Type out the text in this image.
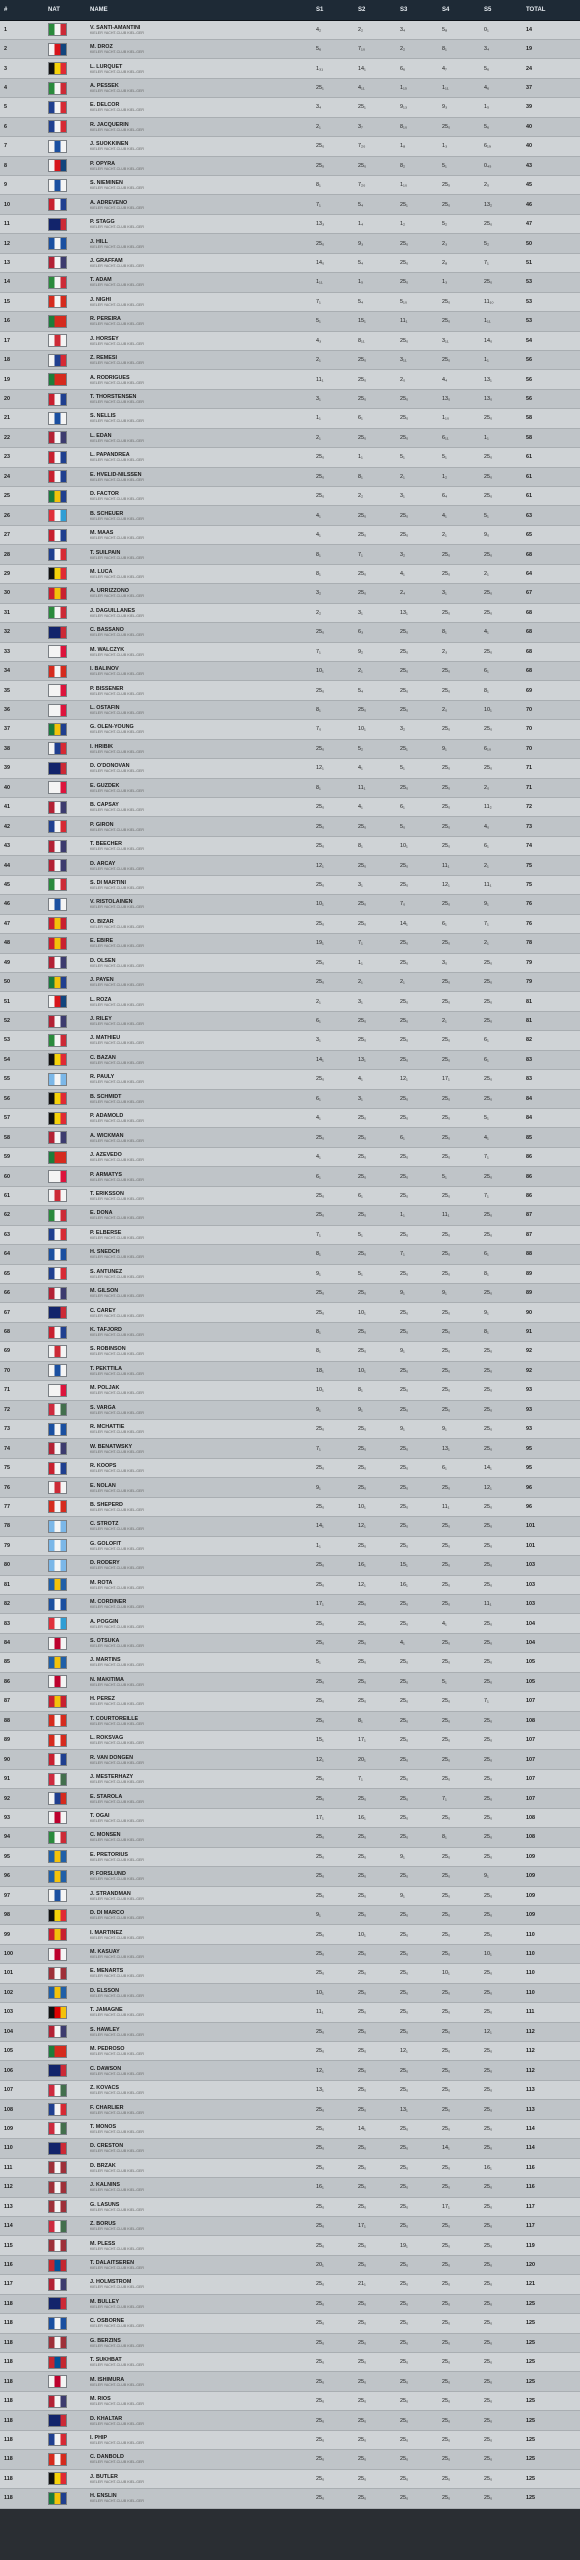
#	NAT	NAME	S1	S2	S3	S4	S5	TOTAL
1		V. SANTI-AMANTINI
KIELER YACHT-CLUB KIEL-GER	4₂	2₂	3₄	5₈	0₁	14
2		M. DROZ
KIELER YACHT-CLUB KIEL-GER	5₆	7₁₀	2₂	8₁	3₄	19
3		L. LURQUET
KIELER YACHT-CLUB KIEL-GER	1₃₁	14₁	6₆	4₇	5₆	24
4		A. PESSEK
KIELER YACHT-CLUB KIEL-GER	25₁	4₁₁	1₁₅	1₁₁	4₆	37
5		E. DELCOR
KIELER YACHT-CLUB KIEL-GER	3₄	25₁	9₁₃	9₃	1₅	39
6		R. JACQUERIN
KIELER YACHT-CLUB KIEL-GER	2₁	3₇	8₁₀	25₀	5₆	40
7		J. SUOKKINEN
KIELER YACHT-CLUB KIEL-GER	25₀	7₂₀	1₈	1₃	6₁₉	40
8		P. OPYRA
KIELER YACHT-CLUB KIEL-GER	25₅	25₀	8₂	5₁	0₄₅	43
9		S. NIEMINEN
KIELER YACHT-CLUB KIEL-GER	8₁	7₂₀	1₁₀	25₅	2₅	45
10		A. ADREVENO
KIELER YACHT-CLUB KIEL-GER	7₁	5₄	25₁	25₀	13₂	46
11		P. STAGG
KIELER YACHT-CLUB KIEL-GER	13₃	1₄	1₂	5₂	25₀	47
12		J. HILL
KIELER YACHT-CLUB KIEL-GER	25₀	9₃	25₀	2₃	5₂	50
13		J. GRAFFAM
KIELER YACHT-CLUB KIEL-GER	14₀	5₄	25₀	2₈	7₁	51
14		T. ADAM
KIELER YACHT-CLUB KIEL-GER	1₁₁	1₅	25₀	1₃	25₀	53
15		J. NIGHI
KIELER YACHT-CLUB KIEL-GER	7₁	5₄	5₁₀	25₀	11₁₀	53
16		R. PEREIRA
KIELER YACHT-CLUB KIEL-GER	5₁	15₁	11₁	25₀	1₁₁	53
17		J. HORSEY
KIELER YACHT-CLUB KIEL-GER	4₃	8₁₁	25₀	3₁₁	14₀	54
18		Z. REMESI
KIELER YACHT-CLUB KIEL-GER	2₁	25₀	3₁₁	25₀	1₁	56
19		A. RODRIGUES
KIELER YACHT-CLUB KIEL-GER	11₁	25₀	2₀	4₄	13₁	56
20		T. THORSTENSEN
KIELER YACHT-CLUB KIEL-GER	3₁	25₀	25₀	13₀	13₀	56
21		S. NELLIS
KIELER YACHT-CLUB KIEL-GER	1₁	6₁	25₀	1₁₀	25₀	58
22		L. EDAN
KIELER YACHT-CLUB KIEL-GER	2₁	25₀	25₀	6₁₁	1₁	58
23		L. PAPANDREA
KIELER YACHT-CLUB KIEL-GER	25₀	1₁	5₁	5₁	25₀	61
24		E. HVELID-NILSSEN
KIELER YACHT-CLUB KIEL-GER	25₀	8₁	2₁	1₂	25₀	61
25		D. FACTOR
KIELER YACHT-CLUB KIEL-GER	25₀	2₂	3₁	6₄	25₀	61
26		B. SCHEUER
KIELER YACHT-CLUB KIEL-GER	4₁	25₀	25₀	4₁	5₁	63
27		M. MAAS
KIELER YACHT-CLUB KIEL-GER	4₁	25₀	25₀	2₁	9₀	65
28		T. SUILPAIN
KIELER YACHT-CLUB KIEL-GER	8₁	7₁	3₂	25₀	25₀	68
29		M. LUCA
KIELER YACHT-CLUB KIEL-GER	8₁	25₀	4₁	25₀	2₁	64
30		A. URRIZZONO
KIELER YACHT-CLUB KIEL-GER	3₂	25₀	2₄	3₁	25₀	67
31		J. DAGUILLANES
KIELER YACHT-CLUB KIEL-GER	2₂	3₁	13₁	25₀	25₀	68
32		C. BASSANO
KIELER YACHT-CLUB KIEL-GER	25₀	6₃	25₀	8₁	4₁	68
33		M. WALCZYK
KIELER YACHT-CLUB KIEL-GER	7₁	9₂	25₀	2₃	25₀	68
34		I. BALINOV
KIELER YACHT-CLUB KIEL-GER	10₁	2₁	25₀	25₀	6₁	68
35		P. BISSENER
KIELER YACHT-CLUB KIEL-GER	25₀	5₄	25₀	25₀	8₁	69
36		L. OSTAFIN
KIELER YACHT-CLUB KIEL-GER	8₁	25₀	25₀	2₀	10₁	70
37		G. OLEN-YOUNG
KIELER YACHT-CLUB KIEL-GER	7₀	10₁	3₂	25₀	25₀	70
38		I. HRIBIK
KIELER YACHT-CLUB KIEL-GER	25₀	5₂	25₁	9₁	6₁₀	70
39		D. O'DONOVAN
KIELER YACHT-CLUB KIEL-GER	12₁	4₁	5₁	25₀	25₀	71
40		E. GUZDEK
KIELER YACHT-CLUB KIEL-GER	8₁	11₁	25₀	25₀	2₀	71
41		B. CAPSAY
KIELER YACHT-CLUB KIEL-GER	25₀	4₁	6₁	25₀	11₂	72
42		P. GIRON
KIELER YACHT-CLUB KIEL-GER	25₀	25₀	5₀	25₀	4₀	73
43		T. BEECHER
KIELER YACHT-CLUB KIEL-GER	25₀	8₁	10₁	25₀	6₁	74
44		D. ARCAY
KIELER YACHT-CLUB KIEL-GER	12₁	25₀	25₀	11₁	2₁	75
45		S. DI MARTINI
KIELER YACHT-CLUB KIEL-GER	25₀	3₁	25₀	12₁	11₁	75
46		V. RISTOLAINEN
KIELER YACHT-CLUB KIEL-GER	10₁	25₀	7₀	25₀	9₁	76
47		O. BIZAR
KIELER YACHT-CLUB KIEL-GER	25₀	25₀	14₁	6₁	7₁	76
48		E. EBIRE
KIELER YACHT-CLUB KIEL-GER	19₁	7₁	25₀	25₀	2₁	78
49		D. OLSEN
KIELER YACHT-CLUB KIEL-GER	25₀	1₁	25₀	3₀	25₀	79
50		J. PAYEN
KIELER YACHT-CLUB KIEL-GER	25₀	2₁	2₁	25₀	25₀	79
51		L. ROZA
KIELER YACHT-CLUB KIEL-GER	2₁	3₁	25₀	25₀	25₀	81
52		J. RILEY
KIELER YACHT-CLUB KIEL-GER	6₁	25₀	25₀	2₁	25₀	81
53		J. MATHIEU
KIELER YACHT-CLUB KIEL-GER	3₁	25₀	25₀	25₀	6₁	82
54		C. BAZAN
KIELER YACHT-CLUB KIEL-GER	14₁	13₁	25₀	25₀	6₁	83
55		R. PAULY
KIELER YACHT-CLUB KIEL-GER	25₀	4₁	12₁	17₁	25₀	83
56		B. SCHMIDT
KIELER YACHT-CLUB KIEL-GER	6₁	3₁	25₀	25₀	25₀	84
57		P. ADAMOLD
KIELER YACHT-CLUB KIEL-GER	4₁	25₀	25₀	25₀	5₁	84
58		A. WICKMAN
KIELER YACHT-CLUB KIEL-GER	25₀	25₀	6₁	25₀	4₁	85
59		J. AZEVEDO
KIELER YACHT-CLUB KIEL-GER	4₁	25₀	25₀	25₀	7₁	86
60		P. ARMATYS
KIELER YACHT-CLUB KIEL-GER	6₁	25₀	25₀	5₁	25₀	86
61		T. ERIKSSON
KIELER YACHT-CLUB KIEL-GER	25₀	6₁	25₀	25₀	7₁	86
62		E. DONA
KIELER YACHT-CLUB KIEL-GER	25₀	25₀	1₁	11₁	25₀	87
63		P. ELBERSE
KIELER YACHT-CLUB KIEL-GER	7₁	5₁	25₀	25₀	25₀	87
64		H. SNEDCH
KIELER YACHT-CLUB KIEL-GER	8₁	25₀	7₁	25₀	6₁	88
65		S. ANTUNEZ
KIELER YACHT-CLUB KIEL-GER	9₁	5₁	25₀	25₀	8₁	89
66		M. GILSON
KIELER YACHT-CLUB KIEL-GER	25₀	25₀	9₁	9₁	25₀	89
67		C. CAREY
KIELER YACHT-CLUB KIEL-GER	25₀	10₁	25₀	25₀	9₁	90
68		K. TAFJORD
KIELER YACHT-CLUB KIEL-GER	8₁	25₀	25₀	25₀	8₁	91
69		S. ROBINSON
KIELER YACHT-CLUB KIEL-GER	8₁	25₀	9₁	25₀	25₀	92
70		T. PEKTTILA
KIELER YACHT-CLUB KIEL-GER	18₁	10₁	25₀	25₀	25₀	92
71		M. POLJAK
KIELER YACHT-CLUB KIEL-GER	10₁	8₁	25₀	25₀	25₀	93
72		S. VARGA
KIELER YACHT-CLUB KIEL-GER	9₁	9₁	25₀	25₀	25₀	93
73		R. MCHATTIE
KIELER YACHT-CLUB KIEL-GER	25₀	25₀	9₁	9₁	25₀	93
74		W. BENATWSKY
KIELER YACHT-CLUB KIEL-GER	7₁	25₀	25₀	13₁	25₀	95
75		R. KOOPS
KIELER YACHT-CLUB KIEL-GER	25₀	25₀	25₀	6₁	14₁	95
76		E. NOLAN
KIELER YACHT-CLUB KIEL-GER	9₁	25₀	25₀	25₀	12₁	96
77		B. SHEPERD
KIELER YACHT-CLUB KIEL-GER	25₀	10₁	25₀	11₁	25₀	96
78		C. STROTZ
KIELER YACHT-CLUB KIEL-GER	14₁	12₁	25₀	25₀	25₀	101
79		G. GOLOFIT
KIELER YACHT-CLUB KIEL-GER	1₁	25₀	25₀	25₀	25₀	101
80		D. RODERY
KIELER YACHT-CLUB KIEL-GER	25₀	16₁	15₁	25₀	25₀	103
81		M. ROTA
KIELER YACHT-CLUB KIEL-GER	25₀	12₁	16₁	25₀	25₀	103
82		M. CORDINER
KIELER YACHT-CLUB KIEL-GER	17₁	25₀	25₀	25₀	11₁	103
83		A. POGGIN
KIELER YACHT-CLUB KIEL-GER	25₀	25₀	25₀	4₁	25₀	104
84		S. OTSUKA
KIELER YACHT-CLUB KIEL-GER	25₀	25₀	4₁	25₀	25₀	104
85		J. MARTINS
KIELER YACHT-CLUB KIEL-GER	5₁	25₀	25₀	25₀	25₀	105
86		N. MAKITIMA
KIELER YACHT-CLUB KIEL-GER	25₀	25₀	25₀	5₁	25₀	105
87		H. PEREZ
KIELER YACHT-CLUB KIEL-GER	25₀	25₀	25₀	25₀	7₁	107
88		T. COURTOREILLE
KIELER YACHT-CLUB KIEL-GER	25₀	8₁	25₀	25₀	25₀	108
89		L. ROKSVAG
KIELER YACHT-CLUB KIEL-GER	15₁	17₁	25₀	25₀	25₀	107
90		R. VAN DONGEN
KIELER YACHT-CLUB KIEL-GER	12₁	20₁	25₀	25₀	25₀	107
91		J. MESTERHAZY
KIELER YACHT-CLUB KIEL-GER	25₀	7₁	25₀	25₀	25₀	107
92		E. STAROLA
KIELER YACHT-CLUB KIEL-GER	25₀	25₀	25₀	7₁	25₀	107
93		T. OGAI
KIELER YACHT-CLUB KIEL-GER	17₁	16₁	25₀	25₀	25₀	108
94		C. MONSEN
KIELER YACHT-CLUB KIEL-GER	25₀	25₀	25₀	8₁	25₀	108
95		E. PRETORIUS
KIELER YACHT-CLUB KIEL-GER	25₀	25₀	9₁	25₀	25₀	109
96		P. FORSLUND
KIELER YACHT-CLUB KIEL-GER	25₀	25₀	25₀	25₀	9₁	109
97		J. STRANDMAN
KIELER YACHT-CLUB KIEL-GER	25₀	25₀	9₁	25₀	25₀	109
98		D. DI MARCO
KIELER YACHT-CLUB KIEL-GER	9₁	25₀	25₀	25₀	25₀	109
99		I. MARTINEZ
KIELER YACHT-CLUB KIEL-GER	25₀	10₁	25₀	25₀	25₀	110
100		M. KASUAY
KIELER YACHT-CLUB KIEL-GER	25₀	25₀	25₀	25₀	10₁	110
101		E. MENARTS
KIELER YACHT-CLUB KIEL-GER	25₀	25₀	25₀	10₁	25₀	110
102		D. ELSSON
KIELER YACHT-CLUB KIEL-GER	10₁	25₀	25₀	25₀	25₀	110
103		T. JAMAGNE
KIELER YACHT-CLUB KIEL-GER	11₁	25₀	25₀	25₀	25₀	111
104		S. HAWLEY
KIELER YACHT-CLUB KIEL-GER	25₀	25₀	25₀	25₀	12₁	112
105		M. PEDROSO
KIELER YACHT-CLUB KIEL-GER	25₀	25₀	12₁	25₀	25₀	112
106		C. DAWSON
KIELER YACHT-CLUB KIEL-GER	12₁	25₀	25₀	25₀	25₀	112
107		Z. KOVACS
KIELER YACHT-CLUB KIEL-GER	13₁	25₀	25₀	25₀	25₀	113
108		F. CHARLIER
KIELER YACHT-CLUB KIEL-GER	25₀	25₀	13₁	25₀	25₀	113
109		T. MONOS
KIELER YACHT-CLUB KIEL-GER	25₀	14₁	25₀	25₀	25₀	114
110		D. CRESTON
KIELER YACHT-CLUB KIEL-GER	25₀	25₀	25₀	14₁	25₀	114
111		D. BRZAK
KIELER YACHT-CLUB KIEL-GER	25₀	25₀	25₀	25₀	16₁	116
112		J. KALNINS
KIELER YACHT-CLUB KIEL-GER	16₁	25₀	25₀	25₀	25₀	116
113		G. LASUNS
KIELER YACHT-CLUB KIEL-GER	25₀	25₀	25₀	17₁	25₀	117
114		Z. BORUS
KIELER YACHT-CLUB KIEL-GER	25₀	17₁	25₀	25₀	25₀	117
115		M. PLESS
KIELER YACHT-CLUB KIEL-GER	25₀	25₀	19₁	25₀	25₀	119
116		T. DALAITSEREN
KIELER YACHT-CLUB KIEL-GER	20₁	25₀	25₀	25₀	25₀	120
117		J. HOLMSTROM
KIELER YACHT-CLUB KIEL-GER	25₀	21₁	25₀	25₀	25₀	121
118		M. BULLEY
KIELER YACHT-CLUB KIEL-GER	25₀	25₀	25₀	25₀	25₀	125
118		C. OSBORNE
KIELER YACHT-CLUB KIEL-GER	25₀	25₀	25₀	25₀	25₀	125
118		G. BERZINS
KIELER YACHT-CLUB KIEL-GER	25₀	25₀	25₀	25₀	25₀	125
118		T. SUKHBAT
KIELER YACHT-CLUB KIEL-GER	25₀	25₀	25₀	25₀	25₀	125
118		M. ISHIMURA
KIELER YACHT-CLUB KIEL-GER	25₀	25₀	25₀	25₀	25₀	125
118		M. RIOS
KIELER YACHT-CLUB KIEL-GER	25₀	25₀	25₀	25₀	25₀	125
118		D. KHALTAR
KIELER YACHT-CLUB KIEL-GER	25₀	25₀	25₀	25₀	25₀	125
118		I. PHIP
KIELER YACHT-CLUB KIEL-GER	25₀	25₀	25₀	25₀	25₀	125
118		C. DANBOLD
KIELER YACHT-CLUB KIEL-GER	25₀	25₀	25₀	25₀	25₀	125
118		J. BUTLER
KIELER YACHT-CLUB KIEL-GER	25₀	25₀	25₀	25₀	25₀	125
118		H. ENSLIN
KIELER YACHT-CLUB KIEL-GER	25₀	25₀	25₀	25₀	25₀	125
